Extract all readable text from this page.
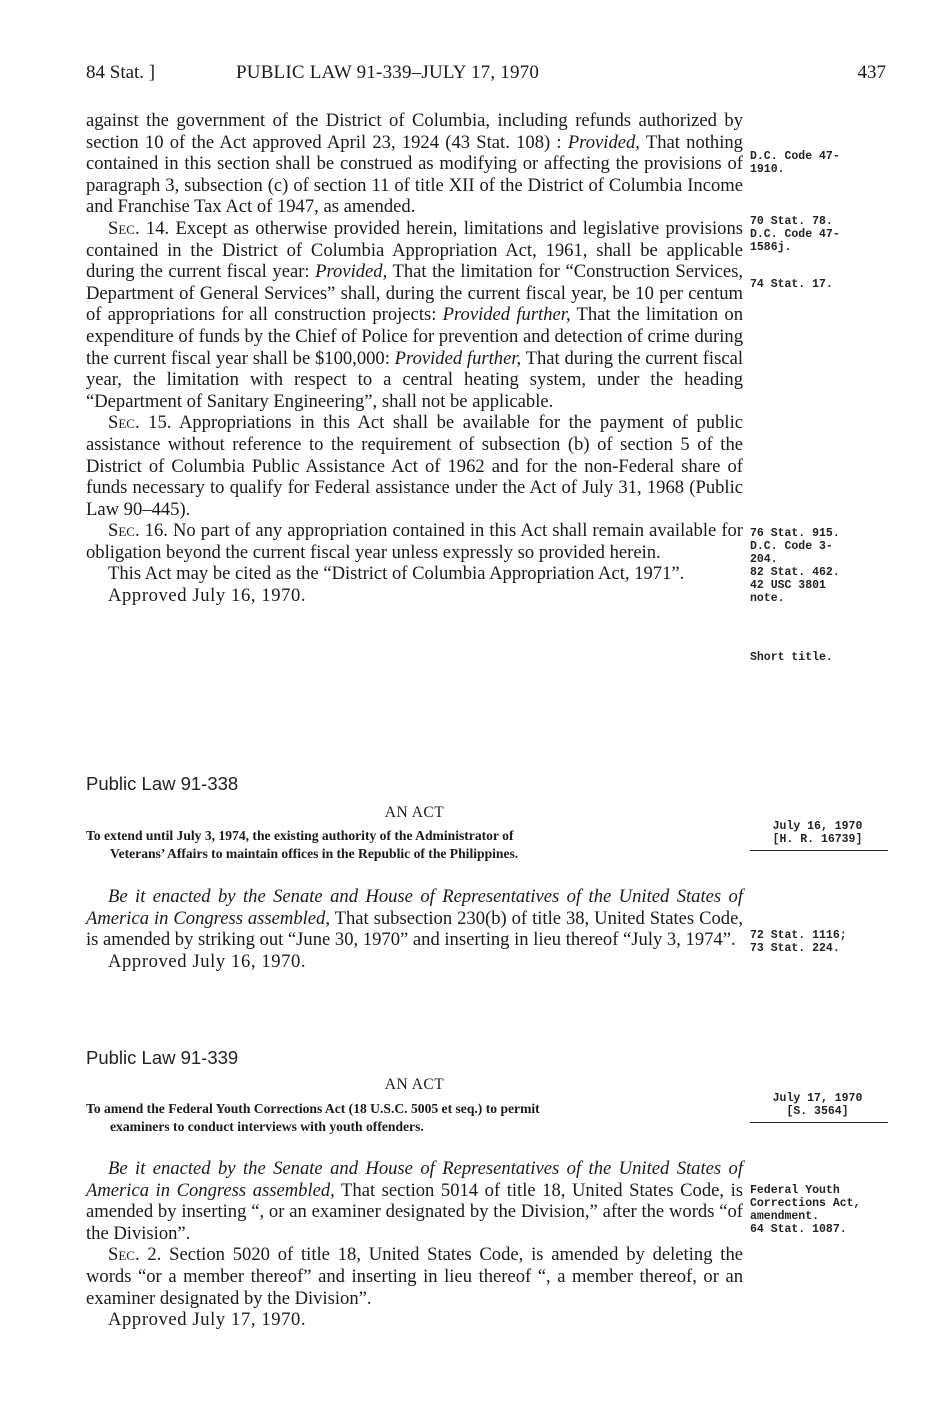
84 Stat. ]	PUBLIC LAW 91-339–JULY 17, 1970	437

against the government of the District of Columbia, including refunds authorized by section 10 of the Act approved April 23, 1924 (43 Stat. 108) : Provided, That nothing contained in this section shall be construed as modifying or affecting the provisions of paragraph 3, subsection (c) of section 11 of title XII of the District of Columbia Income and Franchise Tax Act of 1947, as amended.

Sec. 14. Except as otherwise provided herein, limitations and legislative provisions contained in the District of Columbia Appropriation Act, 1961, shall be applicable during the current fiscal year: Provided, That the limitation for “Construction Services, Department of General Services” shall, during the current fiscal year, be 10 per centum of appropriations for all construction projects: Provided further, That the limitation on expenditure of funds by the Chief of Police for prevention and detection of crime during the current fiscal year shall be $100,000: Provided further, That during the current fiscal year, the limitation with respect to a central heating system, under the heading “Department of Sanitary Engineering”, shall not be applicable.

Sec. 15. Appropriations in this Act shall be available for the payment of public assistance without reference to the requirement of subsection (b) of section 5 of the District of Columbia Public Assistance Act of 1962 and for the non-Federal share of funds necessary to qualify for Federal assistance under the Act of July 31, 1968 (Public Law 90–445).

Sec. 16. No part of any appropriation contained in this Act shall remain available for obligation beyond the current fiscal year unless expressly so provided herein.

This Act may be cited as the “District of Columbia Appropriation Act, 1971”.

Approved July 16, 1970.

Public Law 91-338
AN ACT
To extend until July 3, 1974, the existing authority of the Administrator of
Veterans’ Affairs to maintain offices in the Republic of the Philippines.

Be it enacted by the Senate and House of Representatives of the United States of America in Congress assembled, That subsection 230(b) of title 38, United States Code, is amended by striking out “June 30, 1970” and inserting in lieu thereof “July 3, 1974”.

Approved July 16, 1970.

Public Law 91-339
AN ACT
To amend the Federal Youth Corrections Act (18 U.S.C. 5005 et seq.) to permit
examiners to conduct interviews with youth offenders.

Be it enacted by the Senate and House of Representatives of the United States of America in Congress assembled, That section 5014 of title 18, United States Code, is amended by inserting “, or an examiner designated by the Division,” after the words “of the Division”.

Sec. 2. Section 5020 of title 18, United States Code, is amended by deleting the words “or a member thereof” and inserting in lieu thereof “, a member thereof, or an examiner designated by the Division”.

Approved July 17, 1970.

D.C. Code 47-
1910.
70 Stat. 78.
D.C. Code 47-
1586j.
74 Stat. 17.
76 Stat. 915.
D.C. Code 3-
204.
82 Stat. 462.
42 USC 3801
note.
Short title.
July 16, 1970
[H. R. 16739]
72 Stat. 1116;
73 Stat. 224.
July 17, 1970
[S. 3564]
Federal Youth
Corrections Act,
amendment.
64 Stat. 1087.
